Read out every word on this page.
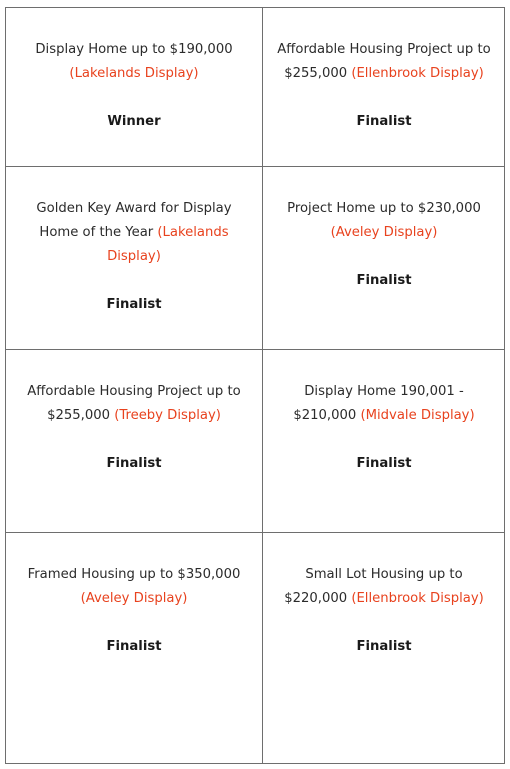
Display Home up to $190,000 (Lakelands Display)
Winner
Affordable Housing Project up to $255,000 (Ellenbrook Display)
Finalist
Golden Key Award for Display Home of the Year (Lakelands Display)
Finalist
Project Home up to $230,000 (Aveley Display)
Finalist
Affordable Housing Project up to $255,000 (Treeby Display)
Finalist
Display Home 190,001 - $210,000 (Midvale Display)
Finalist
Framed Housing up to $350,000 (Aveley Display)
Finalist
Small Lot Housing up to $220,000 (Ellenbrook Display)
Finalist
